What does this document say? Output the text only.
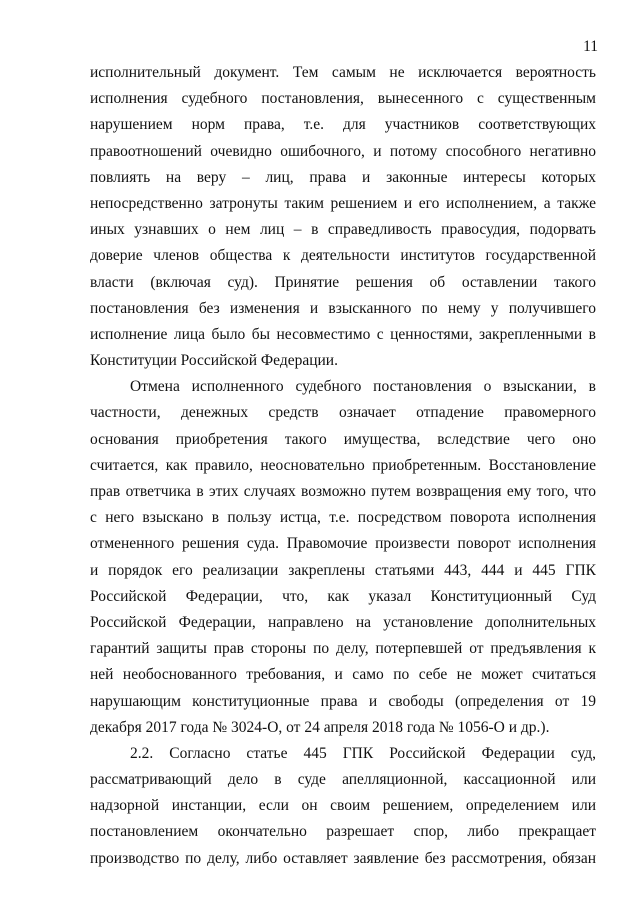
11
исполнительный документ. Тем самым не исключается вероятность
исполнения судебного постановления, вынесенного с существенным
нарушением норм права, т.е. для участников соответствующих
правоотношений очевидно ошибочного, и потому способного негативно
повлиять на веру – лиц, права и законные интересы которых
непосредственно затронуты таким решением и его исполнением, а также
иных узнавших о нем лиц – в справедливость правосудия, подорвать
доверие членов общества к деятельности институтов государственной
власти (включая суд). Принятие решения об оставлении такого
постановления без изменения и взысканного по нему у получившего
исполнение лица было бы несовместимо с ценностями, закрепленными в
Конституции Российской Федерации.
Отмена исполненного судебного постановления о взыскании, в
частности, денежных средств означает отпадение правомерного
основания приобретения такого имущества, вследствие чего оно
считается, как правило, неосновательно приобретенным. Восстановление
прав ответчика в этих случаях возможно путем возвращения ему того, что
с него взыскано в пользу истца, т.е. посредством поворота исполнения
отмененного решения суда. Правомочие произвести поворот исполнения
и порядок его реализации закреплены статьями 443, 444 и 445 ГПК
Российской Федерации, что, как указал Конституционный Суд
Российской Федерации, направлено на установление дополнительных
гарантий защиты прав стороны по делу, потерпевшей от предъявления к
ней необоснованного требования, и само по себе не может считаться
нарушающим конституционные права и свободы (определения от 19
декабря 2017 года № 3024-О, от 24 апреля 2018 года № 1056-О и др.).
2.2. Согласно статье 445 ГПК Российской Федерации суд,
рассматривающий дело в суде апелляционной, кассационной или
надзорной инстанции, если он своим решением, определением или
постановлением окончательно разрешает спор, либо прекращает
производство по делу, либо оставляет заявление без рассмотрения, обязан
